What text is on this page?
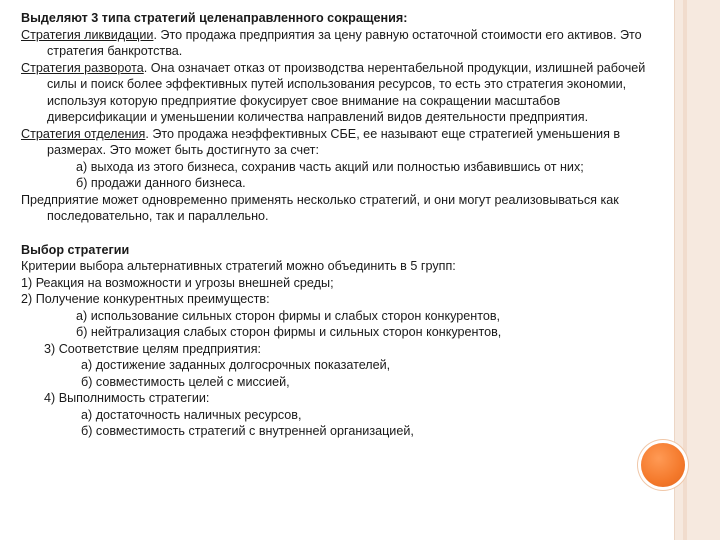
Выделяют 3 типа стратегий целенаправленного сокращения:

Стратегия ликвидации. Это продажа предприятия за цену равную остаточной стоимости его активов. Это стратегия банкротства.

Стратегия разворота. Она означает отказ от производства нерентабельной продукции, излишней рабочей силы и поиск более эффективных путей использования ресурсов, то есть это стратегия экономии, используя которую предприятие фокусирует свое внимание на сокращении масштабов диверсификации и уменьшении количества направлений видов деятельности предприятия.

Стратегия отделения. Это продажа неэффективных СБЕ, ее называют еще стратегией уменьшения в размерах. Это может быть достигнуто за счет:

а) выхода из этого бизнеса, сохранив часть акций или полностью избавившись от них;

б) продажи данного бизнеса.

Предприятие может одновременно применять несколько стратегий, и они могут реализовываться как последовательно, так и параллельно.

Выбор стратегии

Критерии выбора альтернативных стратегий можно объединить в 5 групп:

1) Реакция на возможности и угрозы внешней среды;

2) Получение конкурентных преимуществ:

а) использование сильных сторон фирмы и слабых сторон конкурентов,

б) нейтрализация слабых сторон фирмы и сильных сторон конкурентов,

3) Соответствие целям предприятия:

а) достижение заданных долгосрочных показателей,

б) совместимость целей с миссией,

4) Выполнимость стратегии:

а) достаточность наличных ресурсов,

б) совместимость стратегий с внутренней организацией,
